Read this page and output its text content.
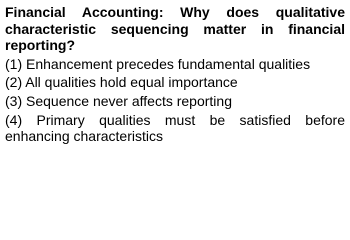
Financial Accounting: Why does qualitative characteristic sequencing matter in financial reporting?
(1) Enhancement precedes fundamental qualities
(2) All qualities hold equal importance
(3) Sequence never affects reporting
(4) Primary qualities must be satisfied before enhancing characteristics
